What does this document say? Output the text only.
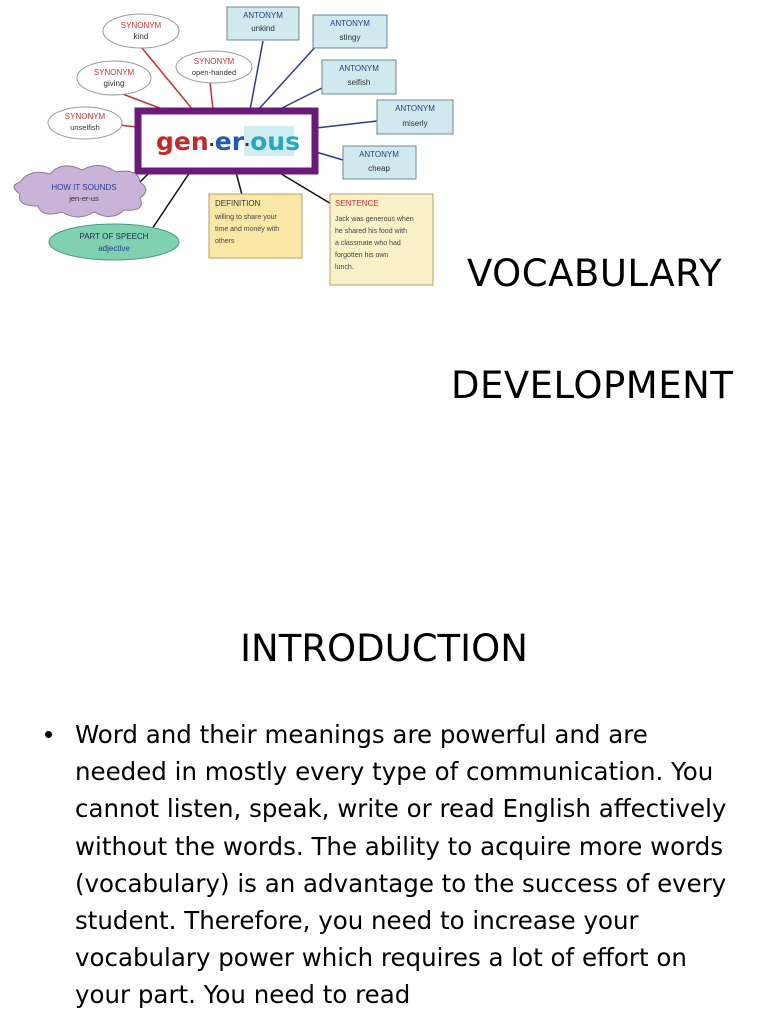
SYNONYM
kind
SYNONYM
giving
SYNONYM
open-handed
SYNONYM
unselfish
ANTONYM
unkind
ANTONYM
stingy
ANTONYM
selfish
ANTONYM
miserly
ANTONYM
cheap
gen·er·ous
HOW IT SOUNDS
jen-er-us
PART OF SPEECH
adjective
DEFINITION
willing to share your
time and money with
others
SENTENCE
Jack was generous when
he shared his food with
a classmate who had
forgotten his own
lunch.	VOCABULARY
DEVELOPMENT
INTRODUCTION
• Word and their meanings are powerful and are needed in mostly every type of communication. You cannot listen, speak, write or read English affectively without the words. The ability to acquire more words (vocabulary) is an advantage to the success of every student. Therefore, you need to increase your vocabulary power which requires a lot of effort on your part. You need to read
